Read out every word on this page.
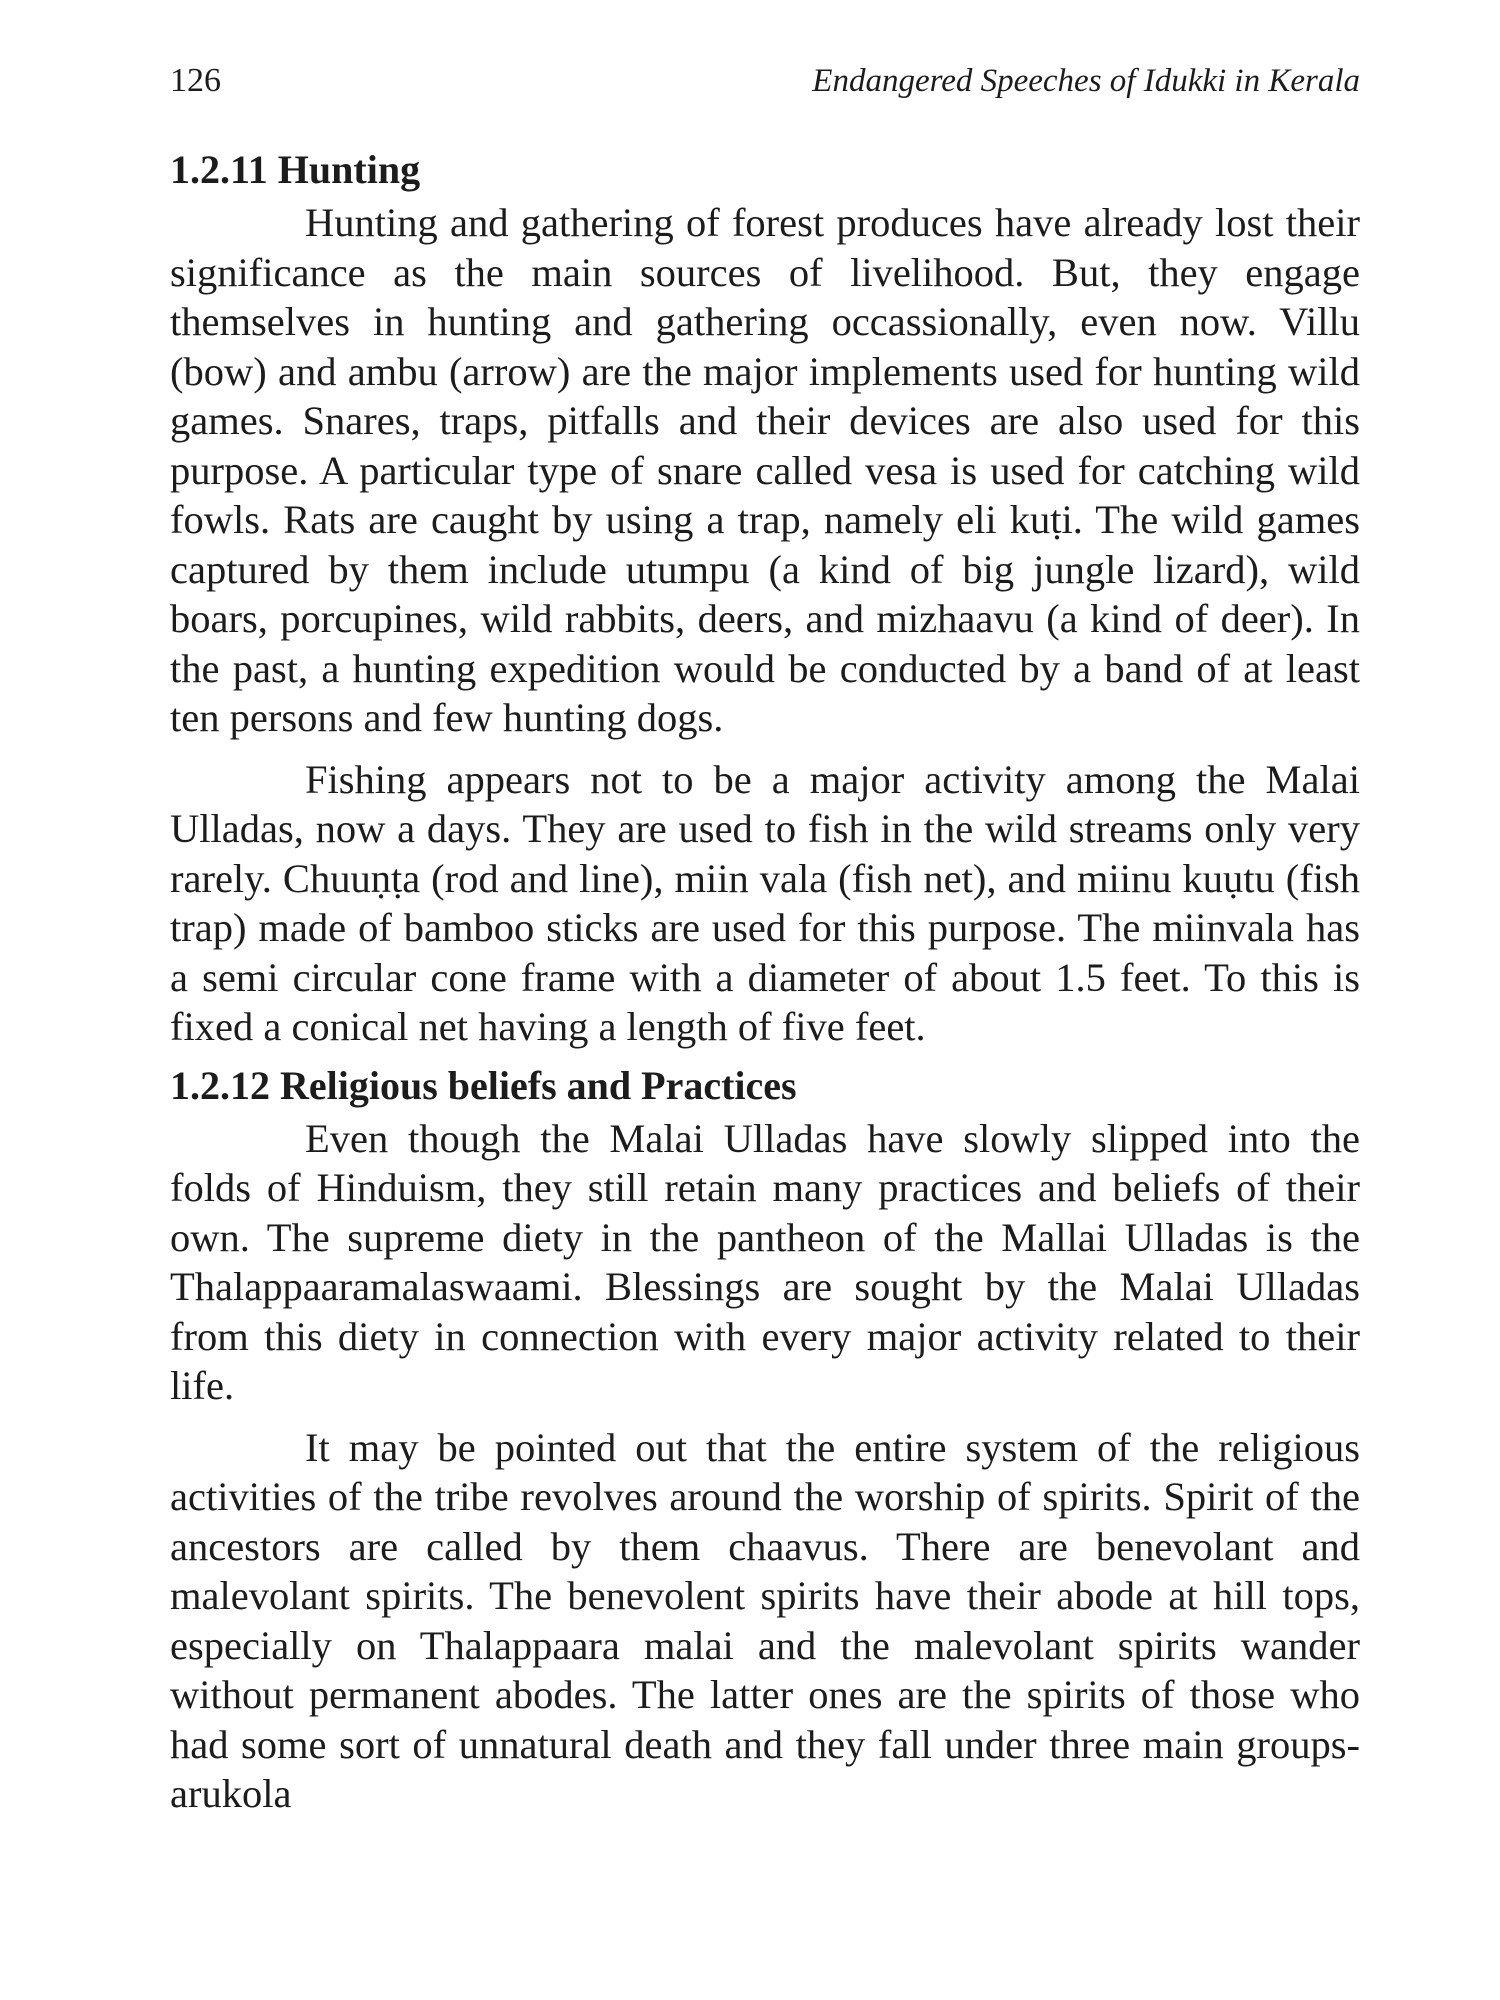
126	Endangered Speeches of Idukki in Kerala
1.2.11 Hunting

Hunting and gathering of forest produces have already lost their significance as the main sources of livelihood. But, they engage themselves in hunting and gathering occassionally, even now. Villu (bow) and ambu (arrow) are the major implements used for hunting wild games. Snares, traps, pitfalls and their devices are also used for this purpose. A particular type of snare called vesa is used for catching wild fowls. Rats are caught by using a trap, namely eli kuṭi. The wild games captured by them include utumpu (a kind of big jungle lizard), wild boars, porcupines, wild rabbits, deers, and mizhaavu (a kind of deer). In the past, a hunting expedition would be conducted by a band of at least ten persons and few hunting dogs.

Fishing appears not to be a major activity among the Malai Ulladas, now a days. They are used to fish in the wild streams only very rarely. Chuuṇṭa (rod and line), miin vala (fish net), and miinu kuụtu (fish trap) made of bamboo sticks are used for this purpose. The miinvala has a semi circular cone frame with a diameter of about 1.5 feet. To this is fixed a conical net having a length of five feet.

1.2.12 Religious beliefs and Practices

Even though the Malai Ulladas have slowly slipped into the folds of Hinduism, they still retain many practices and beliefs of their own. The supreme diety in the pantheon of the Mallai Ulladas is the Thalappaaramalaswaami. Blessings are sought by the Malai Ulladas from this diety in connection with every major activity related to their life.

It may be pointed out that the entire system of the religious activities of the tribe revolves around the worship of spirits. Spirit of the ancestors are called by them chaavus. There are benevolant and malevolant spirits. The benevolent spirits have their abode at hill tops, especially on Thalappaara malai and the malevolant spirits wander without permanent abodes. The latter ones are the spirits of those who had some sort of unnatural death and they fall under three main groups- arukola
